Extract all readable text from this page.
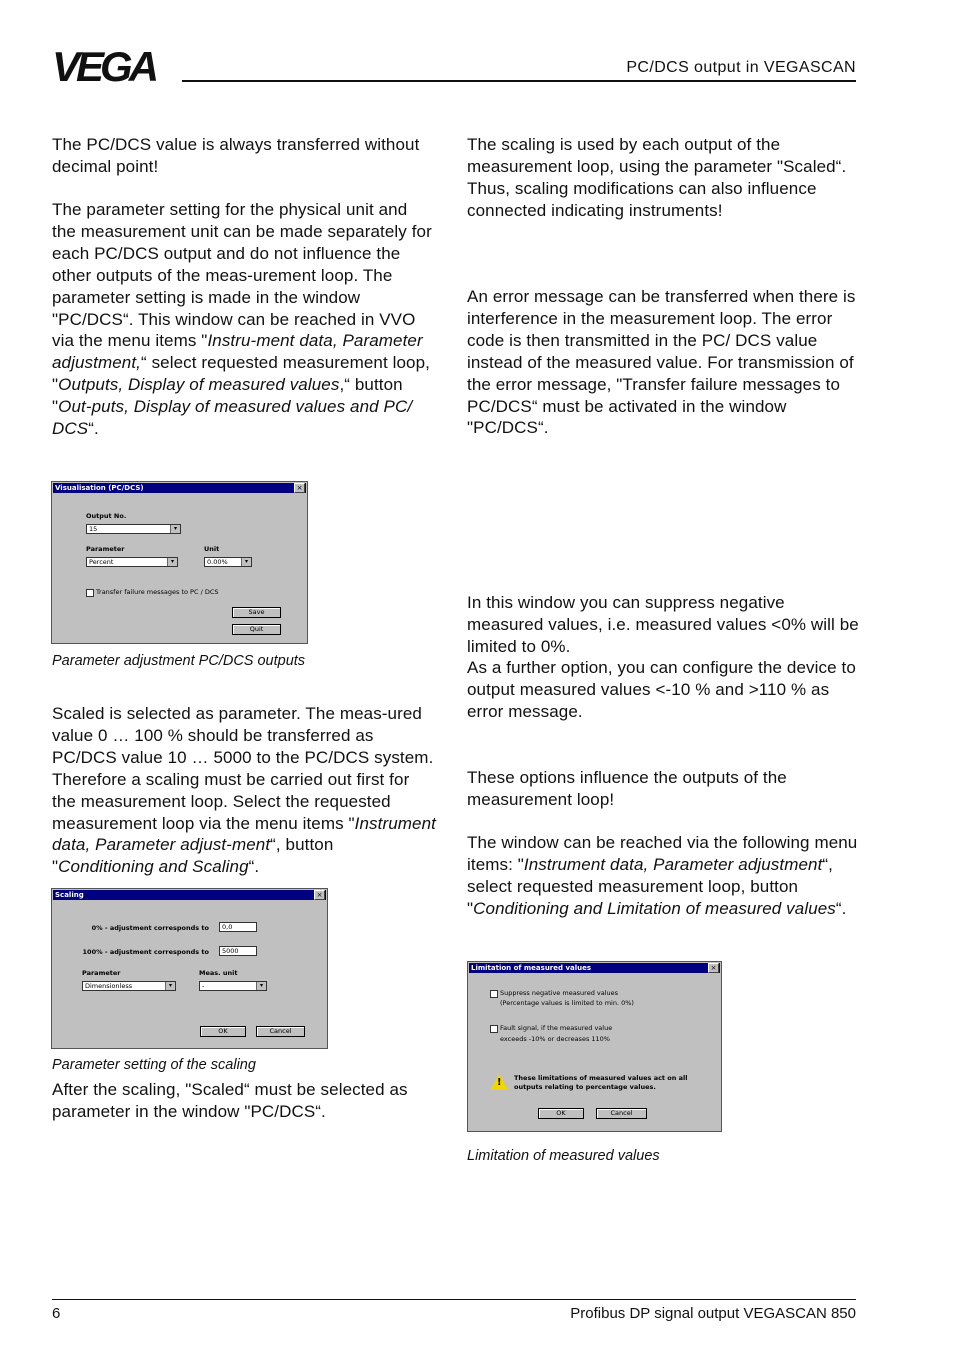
VEGA	PC/DCS output in VEGASCAN

The PC/DCS value is always transferred without decimal point!

The parameter setting for the physical unit and the measurement unit can be made separately for each PC/DCS output and do not influence the other outputs of the meas-urement loop. The parameter setting is made in the window "PC/DCS“. This window can be reached in VVO via the menu items "Instru-ment data, Parameter adjustment,“ select requested measurement loop, "Outputs, Display of measured values,“ button "Out-puts, Display of measured values and PC/ DCS“.

Visualisation (PC/DCS)	×
Output No.
15	▾
Parameter
Percent	▾
Unit
0.00%	▾
Transfer failure messages to PC / DCS
Save
Quit
Parameter adjustment PC/DCS outputs

Scaled is selected as parameter. The meas-ured value 0 … 100 % should be transferred as PC/DCS value 10 … 5000 to the PC/DCS system. Therefore a scaling must be carried out first for the measurement loop. Select the requested measurement loop via the menu items "Instrument data, Parameter adjust-ment“, button "Conditioning and Scaling“.

Scaling	×
0% - adjustment corresponds to	0,0
100% - adjustment corresponds to	5000
Parameter
Dimensionless	▾
Meas. unit
-	▾
OK	Cancel
Parameter setting of the scaling

After the scaling, "Scaled“ must be selected as parameter in the window "PC/DCS“.

The scaling is used by each output of the measurement loop, using the parameter "Scaled“. Thus, scaling modifications can also influence connected indicating instruments!

An error message can be transferred when there is interference in the measurement loop. The error code is then transmitted in the PC/ DCS value instead of the measured value. For transmission of the error message, "Transfer failure messages to PC/DCS“ must be activated in the window "PC/DCS“.

In this window you can suppress negative measured values, i.e. measured values <0% will be limited to 0%.

As a further option, you can configure the device to output measured values <-10 % and >110 % as error message.

These options influence the outputs of the measurement loop!

The window can be reached via the following menu items: "Instrument data, Parameter adjustment“, select requested measurement loop, button "Conditioning and Limitation of measured values“.

Limitation of measured values	×
Suppress negative measured values
(Percentage values is limited to min. 0%)
Fault signal, if the measured value
exceeds -10% or decreases 110%
! These limitations of measured values act on all
outputs relating to percentage values.
OK	Cancel
Limitation of measured values
6	Profibus DP signal output VEGASCAN 850
